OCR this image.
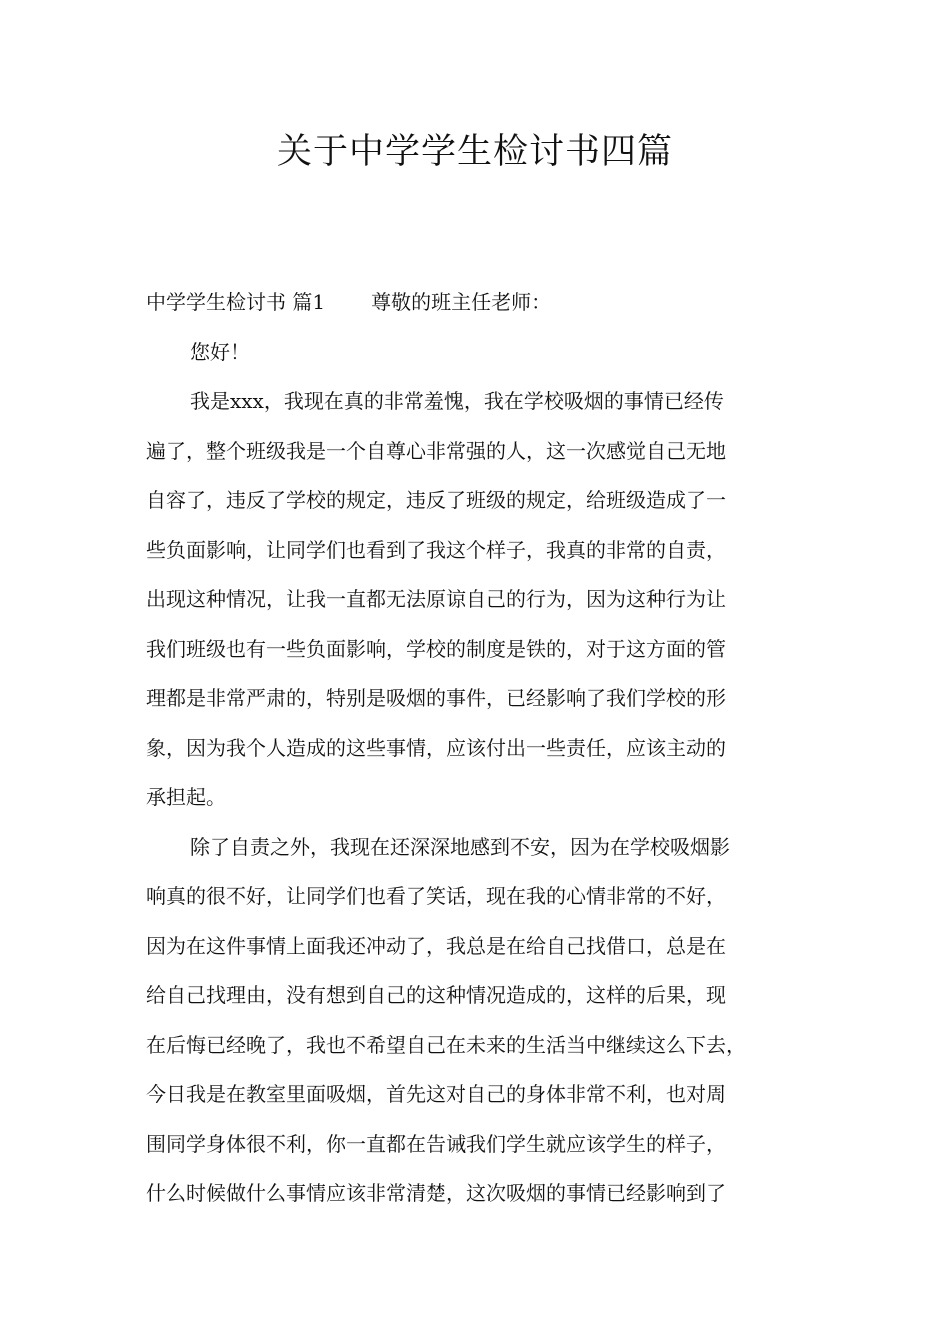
关于中学学生检讨书四篇
中学学生检讨书 篇1 尊敬的班主任老师：
您好！
我是xxx，我现在真的非常羞愧，我在学校吸烟的事情已经传
遍了，整个班级我是一个自尊心非常强的人，这一次感觉自己无地
自容了，违反了学校的规定，违反了班级的规定，给班级造成了一
些负面影响，让同学们也看到了我这个样子，我真的非常的自责，
出现这种情况，让我一直都无法原谅自己的行为，因为这种行为让
我们班级也有一些负面影响，学校的制度是铁的，对于这方面的管
理都是非常严肃的，特别是吸烟的事件，已经影响了我们学校的形
象，因为我个人造成的这些事情，应该付出一些责任，应该主动的
承担起。
除了自责之外，我现在还深深地感到不安，因为在学校吸烟影
响真的很不好，让同学们也看了笑话，现在我的心情非常的不好，
因为在这件事情上面我还冲动了，我总是在给自己找借口，总是在
给自己找理由，没有想到自己的这种情况造成的，这样的后果，现
在后悔已经晚了，我也不希望自己在未来的生活当中继续这么下去，
今日我是在教室里面吸烟，首先这对自己的身体非常不利，也对周
围同学身体很不利，你一直都在告诫我们学生就应该学生的样子，
什么时候做什么事情应该非常清楚，这次吸烟的事情已经影响到了
